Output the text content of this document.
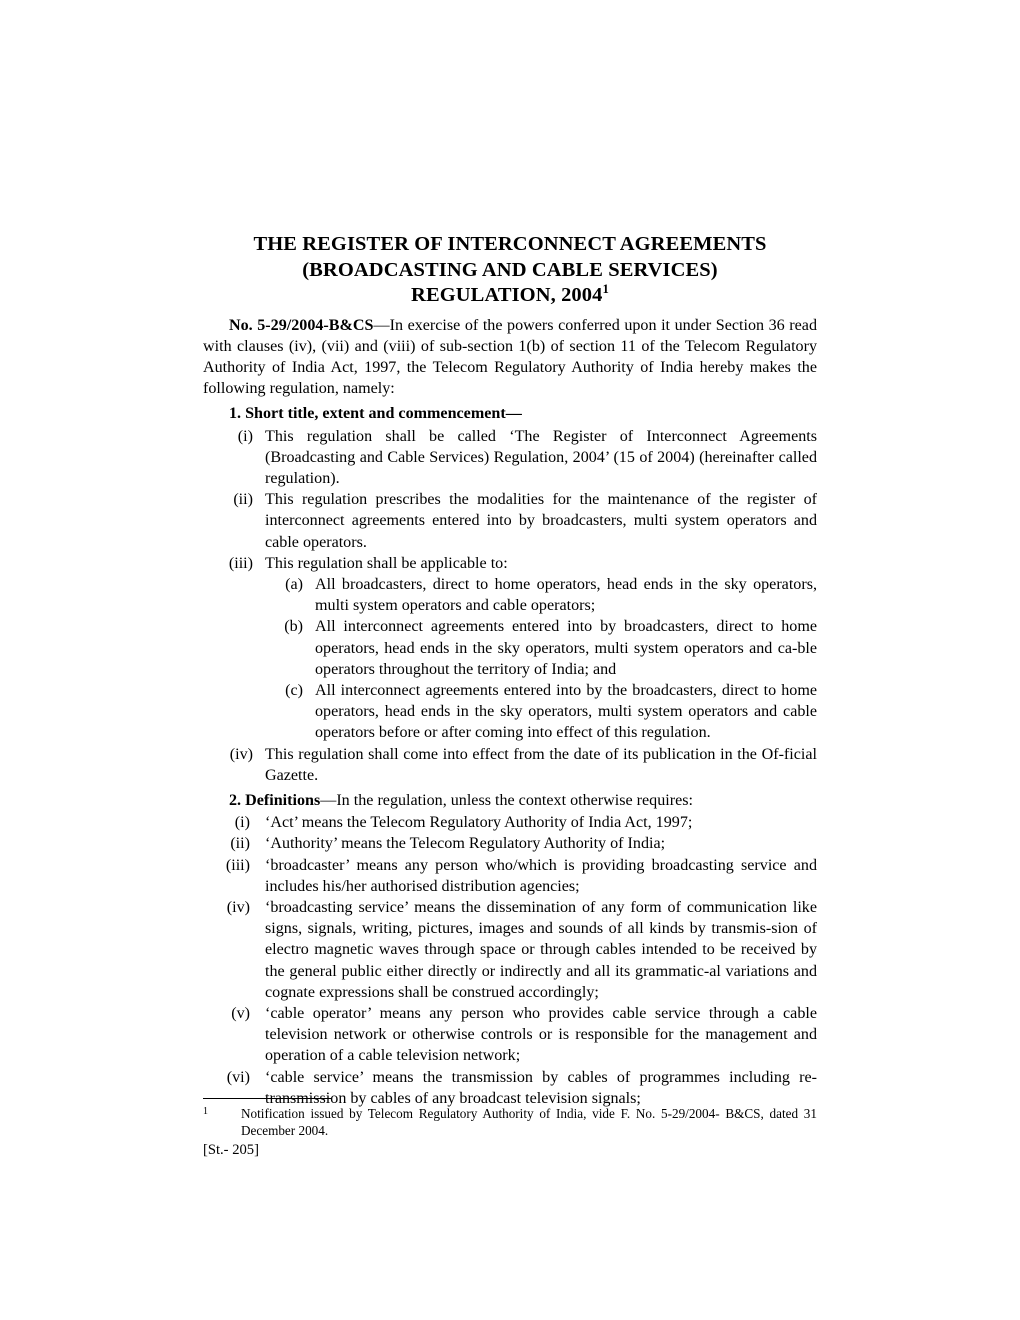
THE REGISTER OF INTERCONNECT AGREEMENTS
(BROADCASTING AND CABLE SERVICES)
REGULATION, 2004$^1$

No. 5-29/2004-B&CS—In exercise of the powers conferred upon it under Section 36 read with clauses (iv), (vii) and (viii) of sub-section 1(b) of section 11 of the Telecom Regulatory Authority of India Act, 1997, the Telecom Regulatory Authority of India hereby makes the following regulation, namely:

1. Short title, extent and commencement—
(i) This regulation shall be called ‘The Register of Interconnect Agreements (Broadcasting and Cable Services) Regulation, 2004’ (15 of 2004) (hereinafter called regulation).
(ii) This regulation prescribes the modalities for the maintenance of the register of interconnect agreements entered into by broadcasters, multi system operators and cable operators.
(iii) This regulation shall be applicable to:
(a) All broadcasters, direct to home operators, head ends in the sky operators, multi system operators and cable operators;
(b) All interconnect agreements entered into by broadcasters, direct to home operators, head ends in the sky operators, multi system operators and ca-ble operators throughout the territory of India; and
(c) All interconnect agreements entered into by the broadcasters, direct to home operators, head ends in the sky operators, multi system operators and cable operators before or after coming into effect of this regulation.
(iv) This regulation shall come into effect from the date of its publication in the Of-ficial Gazette.
2. Definitions—In the regulation, unless the context otherwise requires:
(i) ‘Act’ means the Telecom Regulatory Authority of India Act, 1997;
(ii) ‘Authority’ means the Telecom Regulatory Authority of India;
(iii) ‘broadcaster’ means any person who/which is providing broadcasting service and includes his/her authorised distribution agencies;
(iv) ‘broadcasting service’ means the dissemination of any form of communication like signs, signals, writing, pictures, images and sounds of all kinds by transmis-sion of electro magnetic waves through space or through cables intended to be received by the general public either directly or indirectly and all its grammatic-al variations and cognate expressions shall be construed accordingly;
(v) ‘cable operator’ means any person who provides cable service through a cable television network or otherwise controls or is responsible for the management and operation of a cable television network;
(vi) ‘cable service’ means the transmission by cables of programmes including re-transmission by cables of any broadcast television signals;
1	Notification issued by Telecom Regulatory Authority of India, vide F. No. 5-29/2004- B&CS, dated 31 December 2004.
[St.- 205]
